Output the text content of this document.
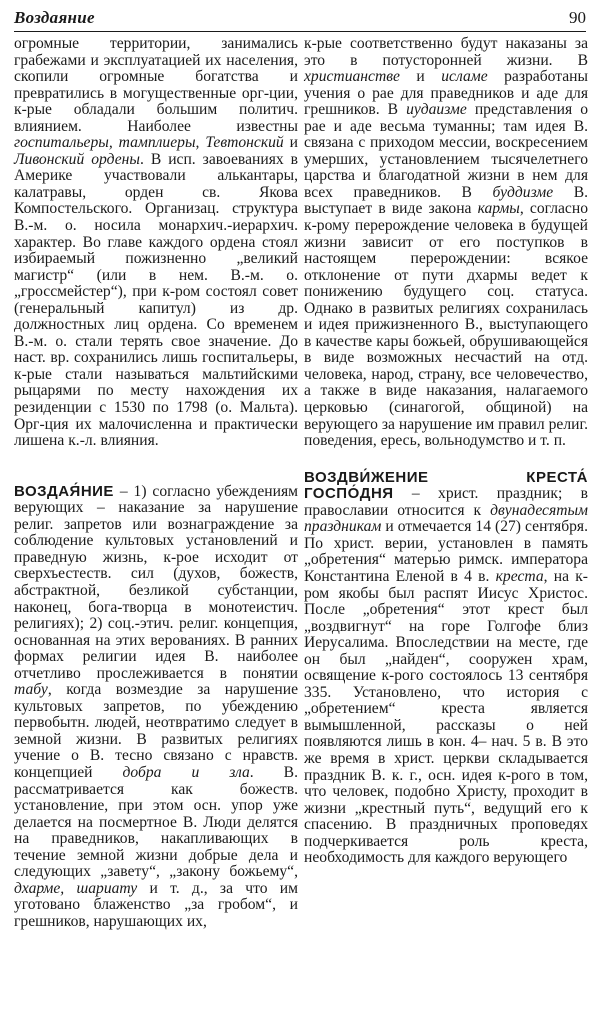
Воздаяние	90

огромные территории, занимались грабежами и эксплуатацией их населения, скопили огромные богатства и превратились в могущественные орг-ции, к-рые обладали большим политич. влиянием. Наиболее известны госпитальеры, тамплиеры, Тевтонский и Ливонский ордены. В исп. завоеваниях в Америке участвовали алькантары, калатравы, орден св. Якова Компостельского. Организац. структура В.-м. о. носила монархич.-иерархич. характер. Во главе каждого ордена стоял избираемый пожизненно „великий магистр“ (или в нем. В.-м. о. „гроссмейстер“), при к-ром состоял совет (генеральный капитул) из др. должностных лиц ордена. Со временем В.-м. о. стали терять свое значение. До наст. вр. сохранились лишь госпитальеры, к-рые стали называться мальтийскими рыцарями по месту нахождения их резиденции с 1530 по 1798 (о. Мальта). Орг-ция их малочисленна и практически лишена к.-л. влияния.

ВОЗДАЯ́НИЕ – 1) согласно убеждениям верующих – наказание за нарушение религ. запретов или вознаграждение за соблюдение культовых установлений и праведную жизнь, к-рое исходит от сверхъестеств. сил (духов, божеств, абстрактной, безликой субстанции, наконец, бога-творца в монотеистич. религиях); 2) соц.-этич. религ. концепция, основанная на этих верованиях. В ранних формах религии идея В. наиболее отчетливо прослеживается в понятии табу, когда возмездие за нарушение культовых запретов, по убеждению первобытн. людей, неотвратимо следует в земной жизни. В развитых религиях учение о В. тесно связано с нравств. концепцией добра и зла. В. рассматривается как божеств. установление, при этом осн. упор уже делается на посмертное В. Люди делятся на праведников, накапливающих в течение земной жизни добрые дела и следующих „заветy“, „закону божьему“, дхарме, шариату и т. д., за что им уготовано блаженство „за гробом“, и грешников, нарушающих их,

к-рые соответственно будут наказаны за это в потусторонней жизни. В христианстве и исламе разработаны учения о рае для праведников и аде для грешников. В иудаизме представления о рае и аде весьма туманны; там идея В. связана с приходом мессии, воскресением умерших, установлением тысячелетнего царства и благодатной жизни в нем для всех праведников. В буддизме В. выступает в виде закона кармы, согласно к-рому перерождение человека в будущей жизни зависит от его поступков в настоящем перерождении: всякое отклонение от пути дхармы ведет к понижению будущего соц. статуса. Однако в развитых религиях сохранилась и идея прижизненного В., выступающего в качестве кары божьей, обрушивающейся в виде возможных несчастий на отд. человека, народ, страну, все человечество, а также в виде наказания, налагаемого церковью (синагогой, общиной) на верующего за нарушение им правил религ. поведения, ересь, вольнодумство и т. п.

ВОЗДВИ́ЖЕНИЕ КРЕСТА́ ГОСПО́ДНЯ – христ. праздник; в православии относится к двунадесятым праздникам и отмечается 14 (27) сентября. По христ. верии, установлен в память „обретения“ матерью римск. императора Константина Еленой в 4 в. креста, на к-ром якобы был распят Иисус Христос. После „обретения“ этот крест был „воздвигнут“ на горе Голгофе близ Иерусалима. Впоследствии на месте, где он был „найден“, сооружен храм, освящение к-рого состоялось 13 сентября 335. Установлено, что история с „обретением“ креста является вымышленной, рассказы о ней появляются лишь в кон. 4– нач. 5 в. В это же время в христ. церкви складывается праздник В. к. г., осн. идея к-рого в том, что человек, подобно Христу, проходит в жизни „крестный путь“, ведущий его к спасению. В праздничных проповедях подчеркивается роль креста, необходимость для каждого верующего
